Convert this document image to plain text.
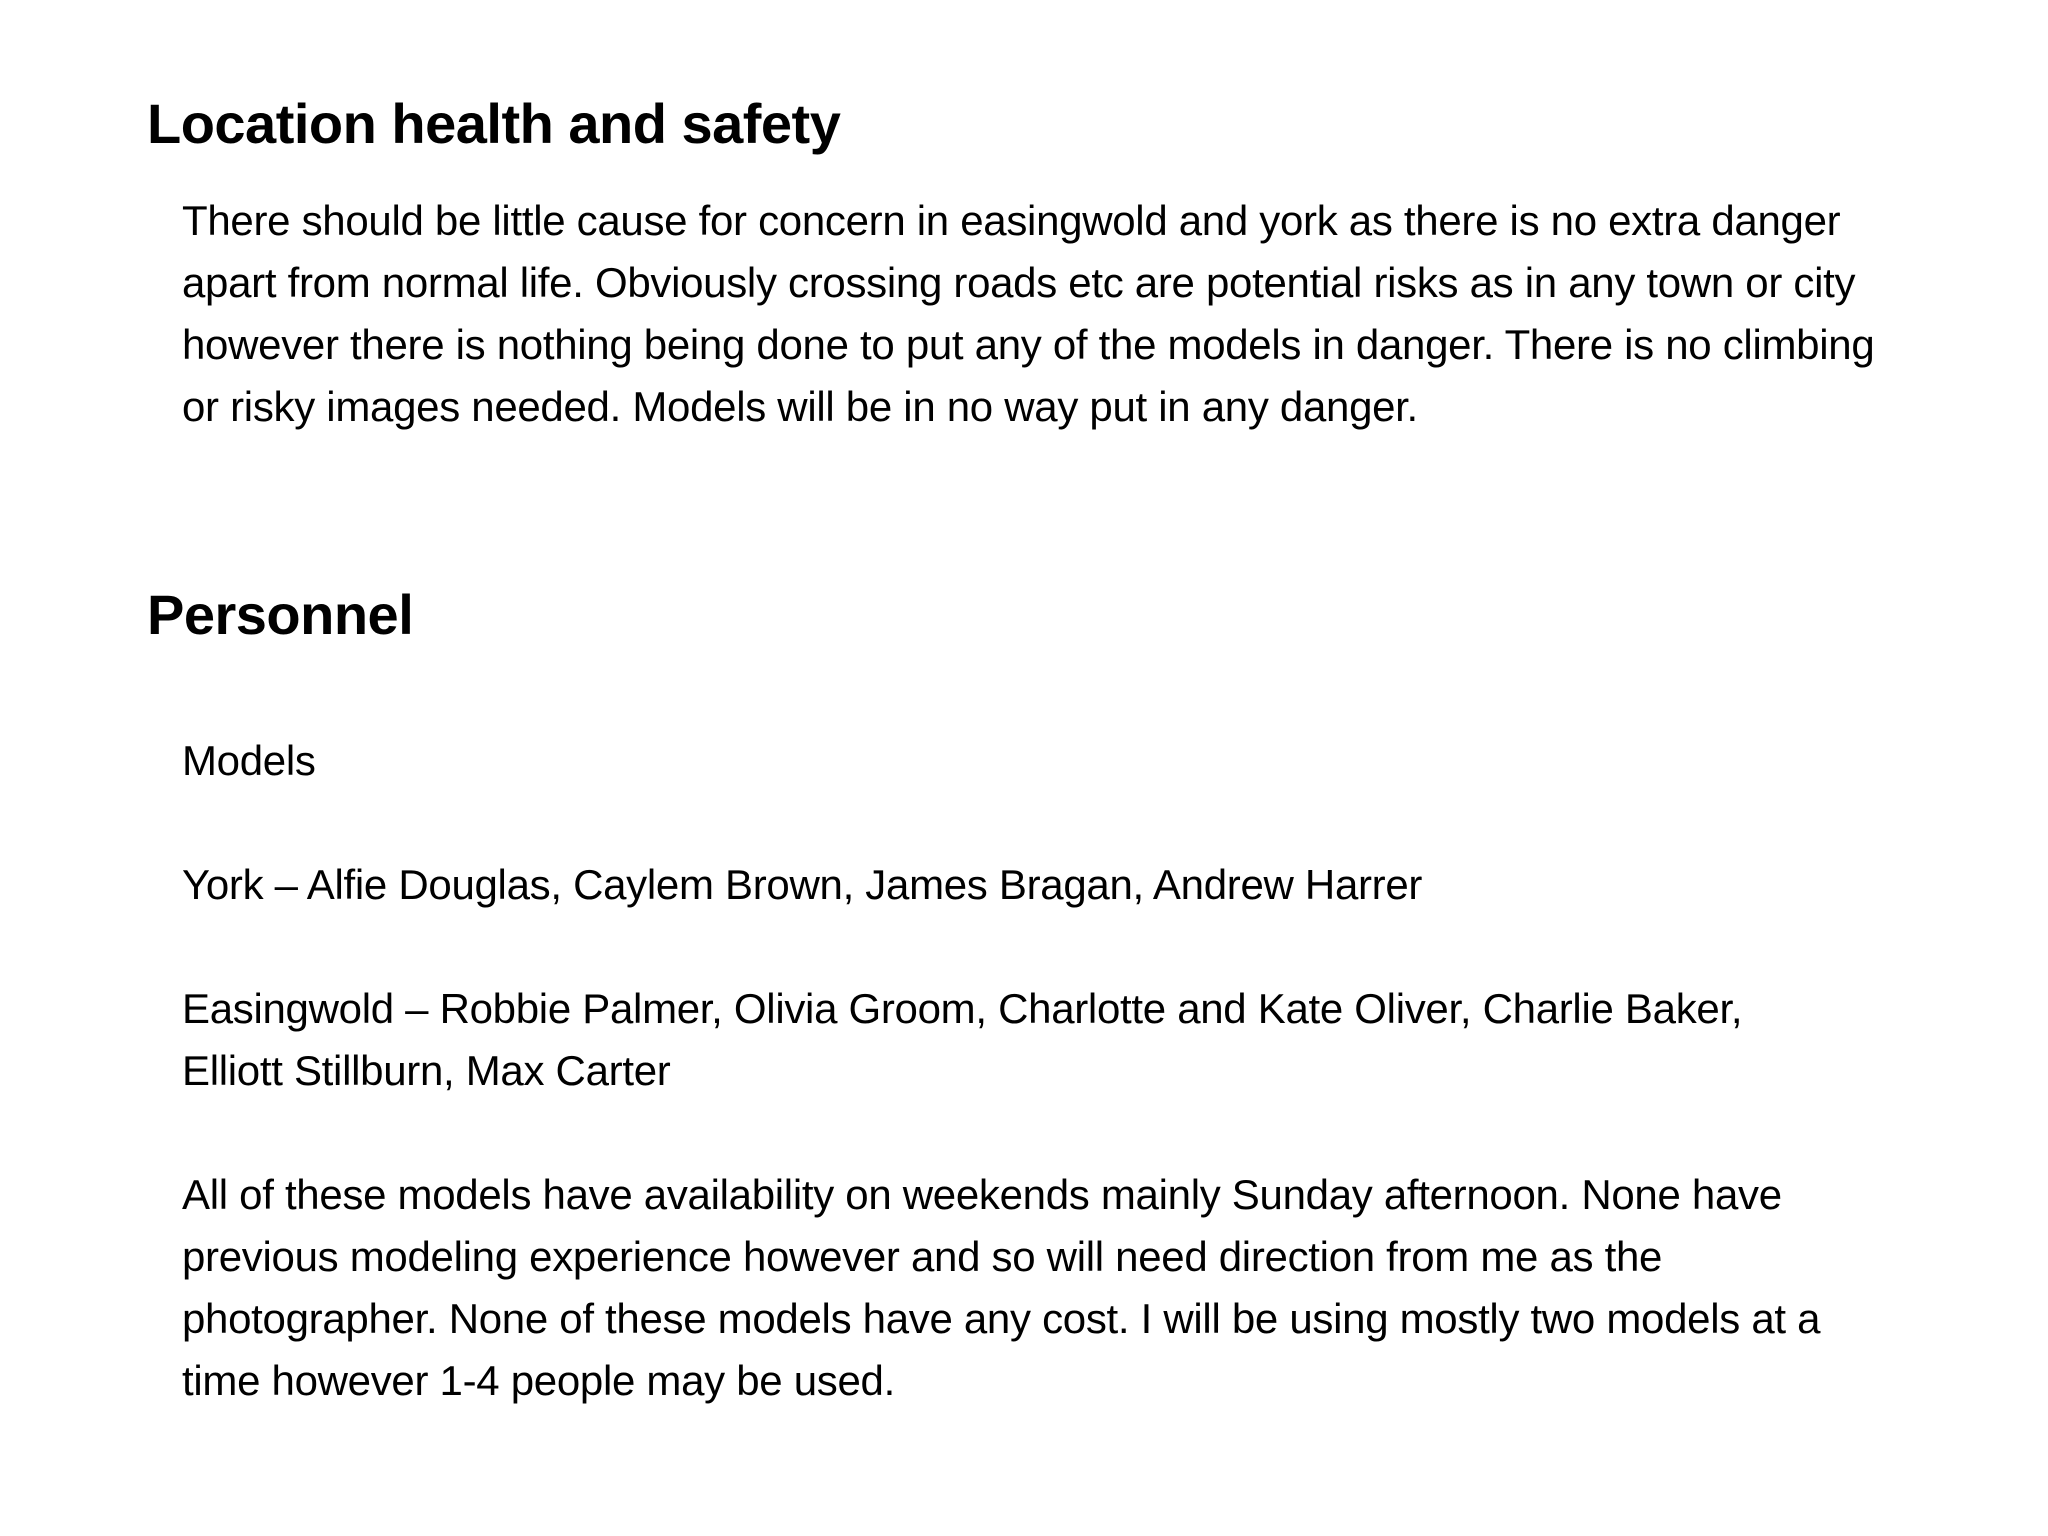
Location health and safety

There should be little cause for concern in easingwold and york as there is no extra danger apart from normal life. Obviously crossing roads etc are potential risks as in any town or city however there is nothing being done to put any of the models in danger. There is no climbing or risky images needed. Models will be in no way put in any danger.

Personnel

Models

York – Alfie Douglas, Caylem Brown, James Bragan, Andrew Harrer

Easingwold – Robbie Palmer, Olivia Groom, Charlotte and Kate Oliver, Charlie Baker, Elliott Stillburn, Max Carter

All of these models have availability on weekends mainly Sunday afternoon. None have previous modeling experience however and so will need direction from me as the photographer. None of these models have any cost. I will be using mostly two models at a time however 1-4 people may be used.
